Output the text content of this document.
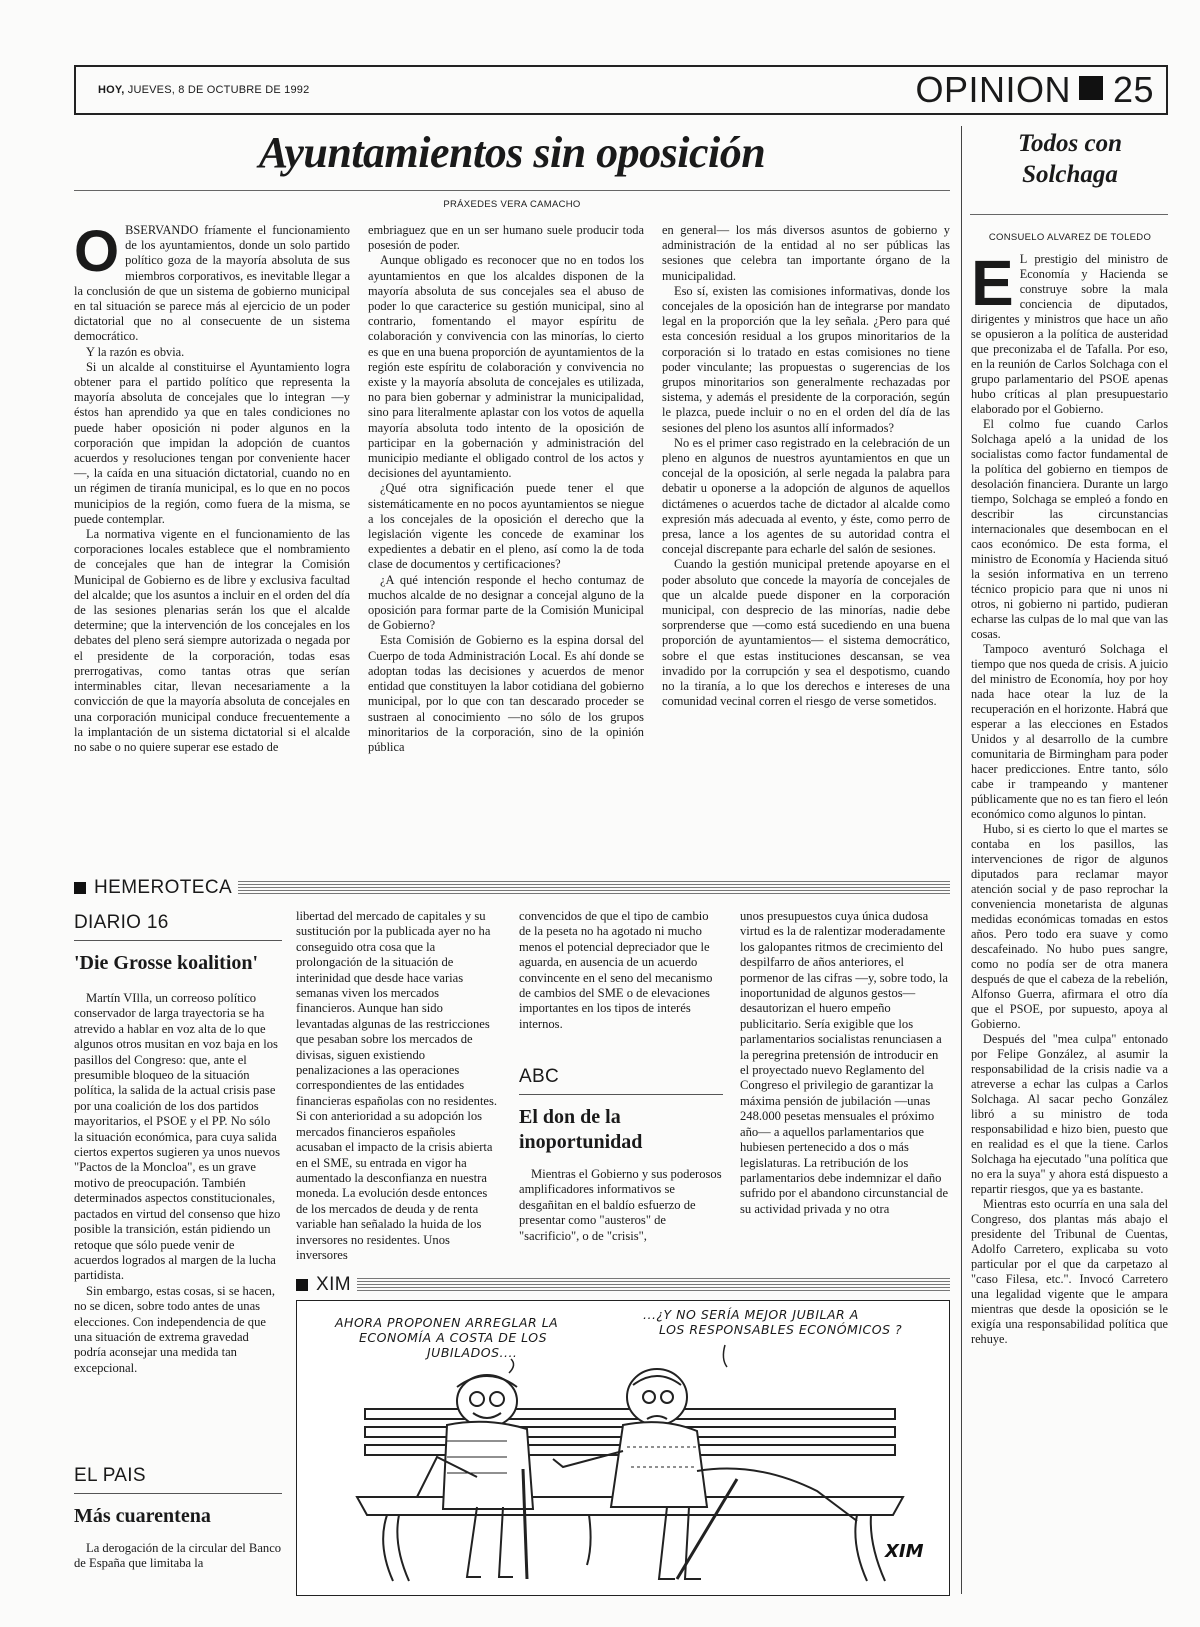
HOY, JUEVES, 8 DE OCTUBRE DE 1992	OPINION 25
Ayuntamientos sin oposición
PRÁXEDES VERA CAMACHO
O BSERVANDO fríamente el funcionamiento de los ayuntamientos, donde un solo partido político goza de la mayoría absoluta de sus miembros corporativos, es inevitable llegar a la conclusión de que un sistema de gobierno municipal en tal situación se parece más al ejercicio de un poder dictatorial que no al consecuente de un sistema democrático.

Y la razón es obvia.

Si un alcalde al constituirse el Ayuntamiento logra obtener para el partido político que representa la mayoría absoluta de concejales que lo integran —y éstos han aprendido ya que en tales condiciones no puede haber oposición ni poder algunos en la corporación que impidan la adopción de cuantos acuerdos y resoluciones tengan por conveniente hacer—, la caída en una situación dictatorial, cuando no en un régimen de tiranía municipal, es lo que en no pocos municipios de la región, como fuera de la misma, se puede contemplar.

La normativa vigente en el funcionamiento de las corporaciones locales establece que el nombramiento de concejales que han de integrar la Comisión Municipal de Gobierno es de libre y exclusiva facultad del alcalde; que los asuntos a incluir en el orden del día de las sesiones plenarias serán los que el alcalde determine; que la intervención de los concejales en los debates del pleno será siempre autorizada o negada por el presidente de la corporación, todas esas prerrogativas, como tantas otras que serían interminables citar, llevan necesariamente a la convicción de que la mayoría absoluta de concejales en una corporación municipal conduce frecuentemente a la implantación de un sistema dictatorial si el alcalde no sabe o no quiere superar ese estado de

embriaguez que en un ser humano suele producir toda posesión de poder.

Aunque obligado es reconocer que no en todos los ayuntamientos en que los alcaldes disponen de la mayoría absoluta de sus concejales sea el abuso de poder lo que caracterice su gestión municipal, sino al contrario, fomentando el mayor espíritu de colaboración y convivencia con las minorías, lo cierto es que en una buena proporción de ayuntamientos de la región este espíritu de colaboración y convivencia no existe y la mayoría absoluta de concejales es utilizada, no para bien gobernar y administrar la municipalidad, sino para literalmente aplastar con los votos de aquella mayoría absoluta todo intento de la oposición de participar en la gobernación y administración del municipio mediante el obligado control de los actos y decisiones del ayuntamiento.

¿Qué otra significación puede tener el que sistemáticamente en no pocos ayuntamientos se niegue a los concejales de la oposición el derecho que la legislación vigente les concede de examinar los expedientes a debatir en el pleno, así como la de toda clase de documentos y certificaciones?

¿A qué intención responde el hecho contumaz de muchos alcalde de no designar a concejal alguno de la oposición para formar parte de la Comisión Municipal de Gobierno?

Esta Comisión de Gobierno es la espina dorsal del Cuerpo de toda Administración Local. Es ahí donde se adoptan todas las decisiones y acuerdos de menor entidad que constituyen la labor cotidiana del gobierno municipal, por lo que con tan descarado proceder se sustraen al conocimiento —no sólo de los grupos minoritarios de la corporación, sino de la opinión pública

en general— los más diversos asuntos de gobierno y administración de la entidad al no ser públicas las sesiones que celebra tan importante órgano de la municipalidad.

Eso sí, existen las comisiones informativas, donde los concejales de la oposición han de integrarse por mandato legal en la proporción que la ley señala. ¿Pero para qué esta concesión residual a los grupos minoritarios de la corporación si lo tratado en estas comisiones no tiene poder vinculante; las propuestas o sugerencias de los grupos minoritarios son generalmente rechazadas por sistema, y además el presidente de la corporación, según le plazca, puede incluir o no en el orden del día de las sesiones del pleno los asuntos allí informados?

No es el primer caso registrado en la celebración de un pleno en algunos de nuestros ayuntamientos en que un concejal de la oposición, al serle negada la palabra para debatir u oponerse a la adopción de algunos de aquellos dictámenes o acuerdos tache de dictador al alcalde como expresión más adecuada al evento, y éste, como perro de presa, lance a los agentes de su autoridad contra el concejal discrepante para echarle del salón de sesiones.

Cuando la gestión municipal pretende apoyarse en el poder absoluto que concede la mayoría de concejales de que un alcalde puede disponer en la corporación municipal, con desprecio de las minorías, nadie debe sorprenderse que —como está sucediendo en una buena proporción de ayuntamientos— el sistema democrático, sobre el que estas instituciones descansan, se vea invadido por la corrupción y sea el despotismo, cuando no la tiranía, a lo que los derechos e intereses de una comunidad vecinal corren el riesgo de verse sometidos.

Todos con
Solchaga
CONSUELO ALVAREZ DE TOLEDO
E L prestigio del ministro de Economía y Hacienda se construye sobre la mala conciencia de diputados, dirigentes y ministros que hace un año se opusieron a la política de austeridad que preconizaba el de Tafalla. Por eso, en la reunión de Carlos Solchaga con el grupo parlamentario del PSOE apenas hubo críticas al plan presupuestario elaborado por el Gobierno.

El colmo fue cuando Carlos Solchaga apeló a la unidad de los socialistas como factor fundamental de la política del gobierno en tiempos de desolación financiera. Durante un largo tiempo, Solchaga se empleó a fondo en describir las circunstancias internacionales que desembocan en el caos económico. De esta forma, el ministro de Economía y Hacienda situó la sesión informativa en un terreno técnico propicio para que ni unos ni otros, ni gobierno ni partido, pudieran echarse las culpas de lo mal que van las cosas.

Tampoco aventuró Solchaga el tiempo que nos queda de crisis. A juicio del ministro de Economía, hoy por hoy nada hace otear la luz de la recuperación en el horizonte. Habrá que esperar a las elecciones en Estados Unidos y al desarrollo de la cumbre comunitaria de Birmingham para poder hacer predicciones. Entre tanto, sólo cabe ir trampeando y mantener públicamente que no es tan fiero el león económico como algunos lo pintan.

Hubo, si es cierto lo que el martes se contaba en los pasillos, las intervenciones de rigor de algunos diputados para reclamar mayor atención social y de paso reprochar la conveniencia monetarista de algunas medidas económicas tomadas en estos años. Pero todo era suave y como descafeinado. No hubo pues sangre, como no podía ser de otra manera después de que el cabeza de la rebelión, Alfonso Guerra, afirmara el otro día que el PSOE, por supuesto, apoya al Gobierno.

Después del "mea culpa" entonado por Felipe González, al asumir la responsabilidad de la crisis nadie va a atreverse a echar las culpas a Carlos Solchaga. Al sacar pecho González libró a su ministro de toda responsabilidad e hizo bien, puesto que en realidad es el que la tiene. Carlos Solchaga ha ejecutado "una política que no era la suya" y ahora está dispuesto a repartir riesgos, que ya es bastante.

Mientras esto ocurría en una sala del Congreso, dos plantas más abajo el presidente del Tribunal de Cuentas, Adolfo Carretero, explicaba su voto particular por el que da carpetazo al "caso Filesa, etc.". Invocó Carretero una legalidad vigente que le ampara mientras que desde la oposición se le exigía una responsabilidad política que rehuye.

HEMEROTECA
DIARIO 16
'Die Grosse koalition'

Martín VIlla, un correoso político conservador de larga trayectoria se ha atrevido a hablar en voz alta de lo que algunos otros musitan en voz baja en los pasillos del Congreso: que, ante el presumible bloqueo de la situación política, la salida de la actual crisis pase por una coalición de los dos partidos mayoritarios, el PSOE y el PP. No sólo la situación económica, para cuya salida ciertos expertos sugieren ya unos nuevos "Pactos de la Moncloa", es un grave motivo de preocupación. También determinados aspectos constitucionales, pactados en virtud del consenso que hizo posible la transición, están pidiendo un retoque que sólo puede venir de acuerdos logrados al margen de la lucha partidista.

Sin embargo, estas cosas, si se hacen, no se dicen, sobre todo antes de unas elecciones. Con independencia de que una situación de extrema gravedad podría aconsejar una medida tan excepcional.

EL PAIS
Más cuarentena

La derogación de la circular del Banco de España que limitaba la

libertad del mercado de capitales y su sustitución por la publicada ayer no ha conseguido otra cosa que la prolongación de la situación de interinidad que desde hace varias semanas viven los mercados financieros. Aunque han sido levantadas algunas de las restricciones que pesaban sobre los mercados de divisas, siguen existiendo penalizaciones a las operaciones correspondientes de las entidades financieras españolas con no residentes. Si con anterioridad a su adopción los mercados financieros españoles acusaban el impacto de la crisis abierta en el SME, su entrada en vigor ha aumentado la desconfianza en nuestra moneda. La evolución desde entonces de los mercados de deuda y de renta variable han señalado la huida de los inversores no residentes. Unos inversores

convencidos de que el tipo de cambio de la peseta no ha agotado ni mucho menos el potencial depreciador que le aguarda, en ausencia de un acuerdo convincente en el seno del mecanismo de cambios del SME o de elevaciones importantes en los tipos de interés internos.

ABC
El don de la
inoportunidad

Mientras el Gobierno y sus poderosos amplificadores informativos se desgañitan en el baldío esfuerzo de presentar como "austeros" de "sacrificio", o de "crisis",

unos presupuestos cuya única dudosa virtud es la de ralentizar moderadamente los galopantes ritmos de crecimiento del despilfarro de años anteriores, el pormenor de las cifras —y, sobre todo, la inoportunidad de algunos gestos— desautorizan el huero empeño publicitario. Sería exigible que los parlamentarios socialistas renunciasen a la peregrina pretensión de introducir en el proyectado nuevo Reglamento del Congreso el privilegio de garantizar la máxima pensión de jubilación —unas 248.000 pesetas mensuales el próximo año— a aquellos parlamentarios que hubiesen pertenecido a dos o más legislaturas. La retribución de los parlamentarios debe indemnizar el daño sufrido por el abandono circunstancial de su actividad privada y no otra

XIM
AHORA PROPONEN ARREGLAR LA
ECONOMÍA A COSTA DE LOS
JUBILADOS....
...¿Y NO SERÍA MEJOR JUBILAR A
LOS RESPONSABLES ECONÓMICOS ?
XIM
